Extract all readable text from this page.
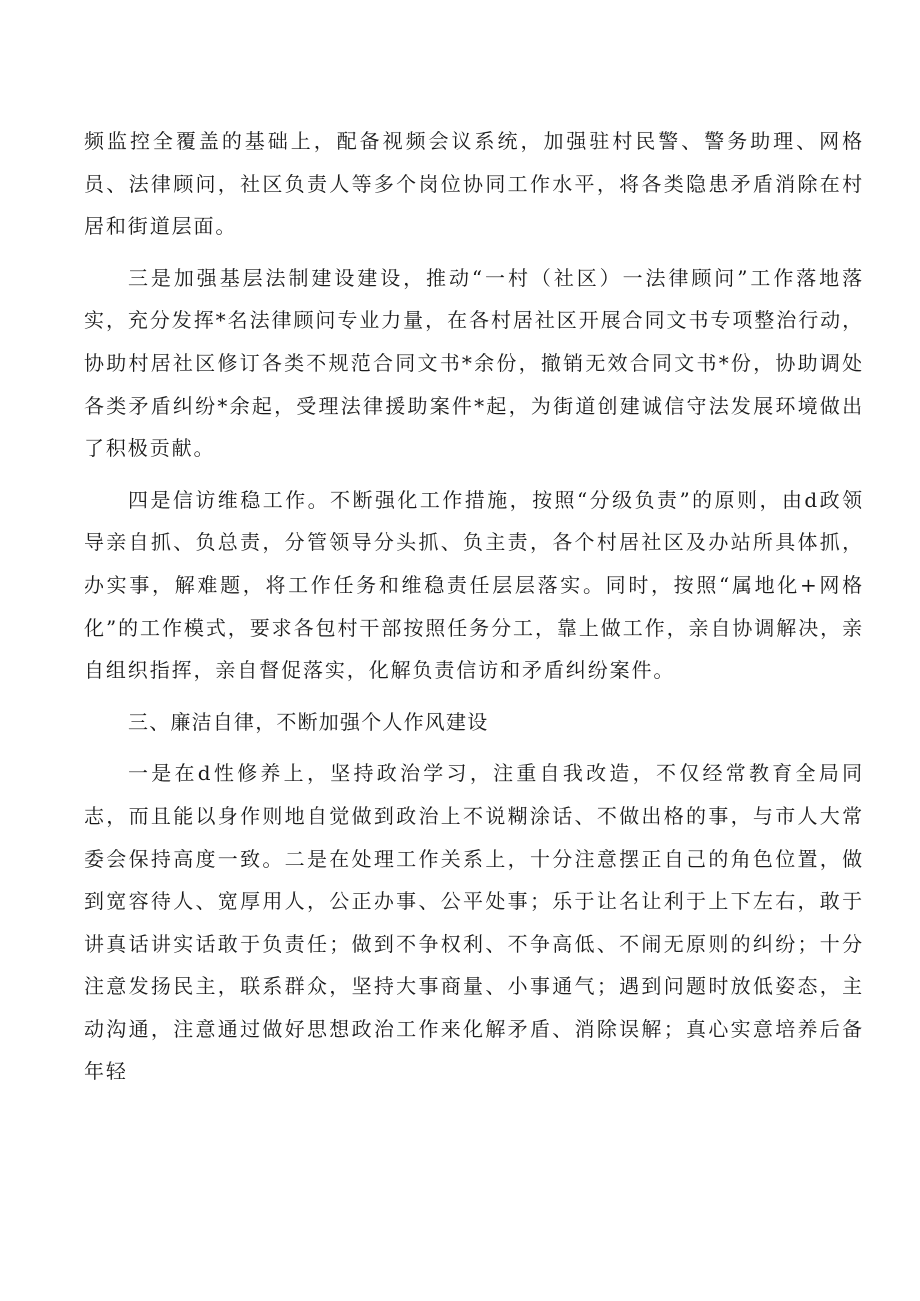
频监控全覆盖的基础上，配备视频会议系统，加强驻村民警、警务助理、网格员、法律顾问，社区负责人等多个岗位协同工作水平，将各类隐患矛盾消除在村居和街道层面。

三是加强基层法制建设建设，推动“一村（社区）一法律顾问”工作落地落实，充分发挥*名法律顾问专业力量，在各村居社区开展合同文书专项整治行动，协助村居社区修订各类不规范合同文书*余份，撤销无效合同文书*份，协助调处各类矛盾纠纷*余起，受理法律援助案件*起，为街道创建诚信守法发展环境做出了积极贡献。

四是信访维稳工作。不断强化工作措施，按照“分级负责”的原则，由d政领导亲自抓、负总责，分管领导分头抓、负主责，各个村居社区及办站所具体抓，办实事，解难题，将工作任务和维稳责任层层落实。同时，按照“属地化+网格化”的工作模式，要求各包村干部按照任务分工，靠上做工作，亲自协调解决，亲自组织指挥，亲自督促落实，化解负责信访和矛盾纠纷案件。

三、廉洁自律，不断加强个人作风建设

一是在d性修养上，坚持政治学习，注重自我改造，不仅经常教育全局同志，而且能以身作则地自觉做到政治上不说糊涂话、不做出格的事，与市人大常委会保持高度一致。二是在处理工作关系上，十分注意摆正自己的角色位置，做到宽容待人、宽厚用人，公正办事、公平处事；乐于让名让利于上下左右，敢于讲真话讲实话敢于负责任；做到不争权利、不争高低、不闹无原则的纠纷；十分注意发扬民主，联系群众，坚持大事商量、小事通气；遇到问题时放低姿态，主动沟通，注意通过做好思想政治工作来化解矛盾、消除误解；真心实意培养后备年轻
